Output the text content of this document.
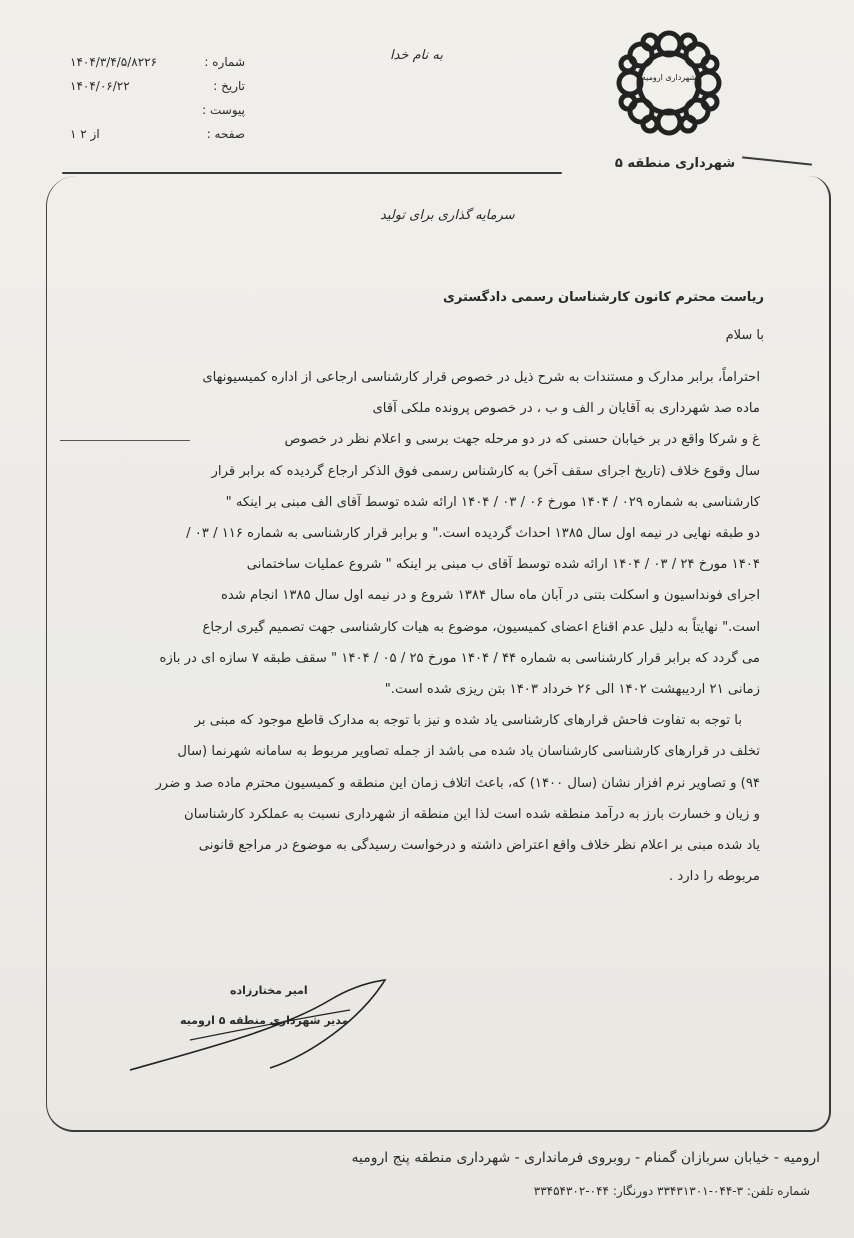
شماره :
۱۴۰۴/۳/۴/۵/۸۲۲۶
تاریخ :
۱۴۰۴/۰۶/۲۲
پیوست :
صفحه :
۱ از ۲
به نام خدا
شهرداری ارومیه
شهرداری منطقه ۵
سرمایه گذاری برای تولید
ریاست محترم کانون کارشناسان رسمی دادگستری
با سلام
احتراماً، برابر مدارک و مستندات به شرح ذیل در خصوص قرار کارشناسی ارجاعی از اداره کمیسیونهای
ماده صد شهرداری به آقایان ر الف و ب ، در خصوص پرونده ملکی آقای
غ و شرکا واقع در بر خیابان حسنی که در دو مرحله جهت برسی و اعلام نظر در خصوص
سال وقوع خلاف (تاریخ اجرای سقف آخر) به کارشناس رسمی فوق الذکر ارجاع گردیده که برابر قرار
کارشناسی به شماره ۰۲۹ / ۱۴۰۴ مورخ ۰۶ / ۰۳ / ۱۴۰۴ ارائه شده توسط آقای الف مبنی بر اینکه "
دو طبقه نهایی در نیمه اول سال ۱۳۸۵ احداث گردیده است." و برابر قرار کارشناسی به شماره ۱۱۶ / ۰۳ /
۱۴۰۴ مورخ ۲۴ / ۰۳ / ۱۴۰۴ ارائه شده توسط آقای ب مبنی بر اینکه " شروع عملیات ساختمانی
اجرای فونداسیون و اسکلت بتنی در آبان ماه سال ۱۳۸۴ شروع و در نیمه اول سال ۱۳۸۵ انجام شده
است." نهایتاً به دلیل عدم اقناع اعضای کمیسیون، موضوع به هیات کارشناسی جهت تصمیم گیری ارجاع
می گردد که برابر قرار کارشناسی به شماره ۴۴ / ۱۴۰۴ مورخ ۲۵ / ۰۵ / ۱۴۰۴ " سقف طبقه ۷ سازه ای در بازه
زمانی ۲۱ اردیبهشت ۱۴۰۲ الی ۲۶ خرداد ۱۴۰۳ بتن ریزی شده است."
با توجه به تفاوت فاحش قرارهای کارشناسی یاد شده و نیز با توجه به مدارک قاطع موجود که مبنی بر
تخلف در قرارهای کارشناسی کارشناسان یاد شده می باشد از جمله تصاویر مربوط به سامانه شهرنما (سال
۹۴) و تصاویر نرم افزار نشان (سال ۱۴۰۰) که، باعث اتلاف زمان این منطقه و کمیسیون محترم ماده صد و ضرر
و زیان و خسارت بارز به درآمد منطقه شده است لذا این منطقه از شهرداری نسبت به عملکرد کارشناسان
یاد شده مبنی بر اعلام نظر خلاف واقع اعتراض داشته و درخواست رسیدگی به موضوع در مراجع قانونی
مربوطه را دارد .
امیر مختارزاده
مدیر شهرداری منطقه ۵ ارومیه
ارومیه - خیابان سربازان گمنام - روبروی فرمانداری - شهرداری منطقه پنج ارومیه
شماره تلفن: ۳-۰۴۴-۳۳۴۳۱۳۰۱ دورنگار: ۰۴۴-۳۳۴۵۴۳۰۲
